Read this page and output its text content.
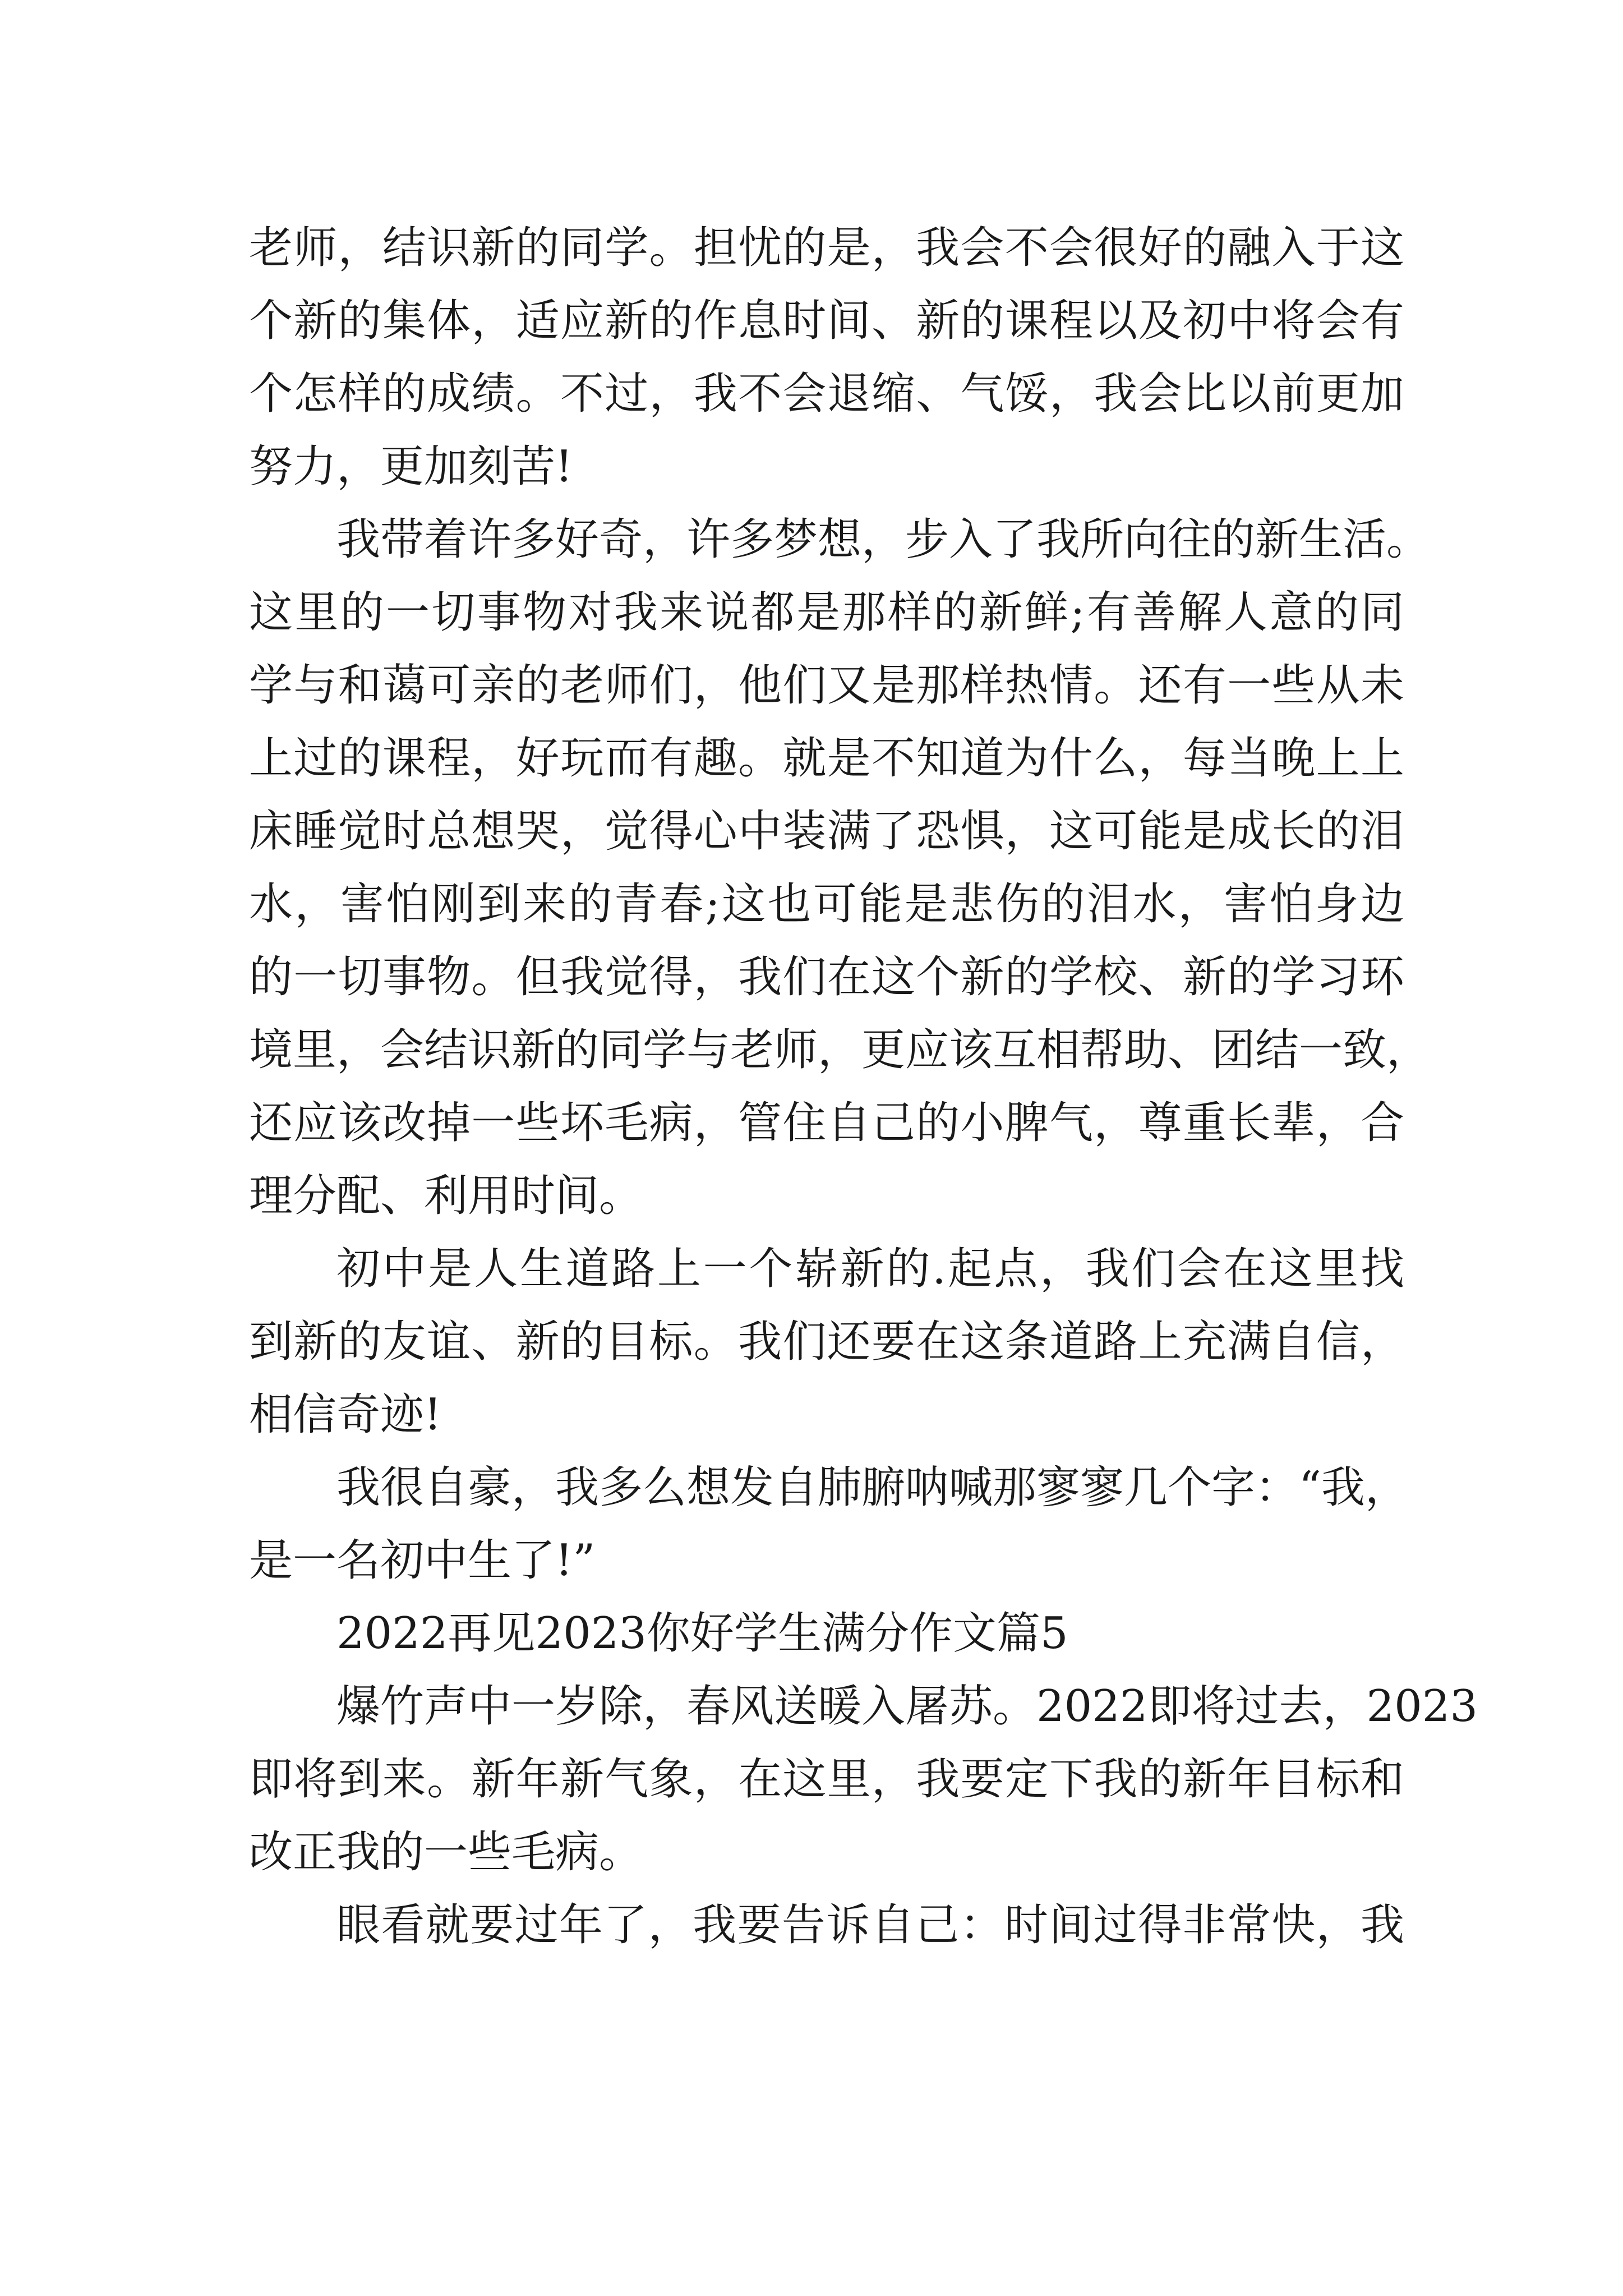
老师，结识新的同学。担忧的是，我会不会很好的融入于这
个新的集体，适应新的作息时间、新的课程以及初中将会有
个怎样的成绩。不过，我不会退缩、气馁，我会比以前更加
努力，更加刻苦!
我带着许多好奇，许多梦想，步入了我所向往的新生活。
这里的一切事物对我来说都是那样的新鲜;有善解人意的同
学与和蔼可亲的老师们，他们又是那样热情。还有一些从未
上过的课程，好玩而有趣。就是不知道为什么，每当晚上上
床睡觉时总想哭，觉得心中装满了恐惧，这可能是成长的泪
水，害怕刚到来的青春;这也可能是悲伤的泪水，害怕身边
的一切事物。但我觉得，我们在这个新的学校、新的学习环
境里，会结识新的同学与老师，更应该互相帮助、团结一致，
还应该改掉一些坏毛病，管住自己的小脾气，尊重长辈，合
理分配、利用时间。
初中是人生道路上一个崭新的.起点，我们会在这里找
到新的友谊、新的目标。我们还要在这条道路上充满自信，
相信奇迹!
我很自豪，我多么想发自肺腑呐喊那寥寥几个字：“我，
是一名初中生了!”
2022再见2023你好学生满分作文篇5
爆竹声中一岁除，春风送暖入屠苏。2022即将过去，2023
即将到来。新年新气象，在这里，我要定下我的新年目标和
改正我的一些毛病。
眼看就要过年了，我要告诉自己：时间过得非常快，我
